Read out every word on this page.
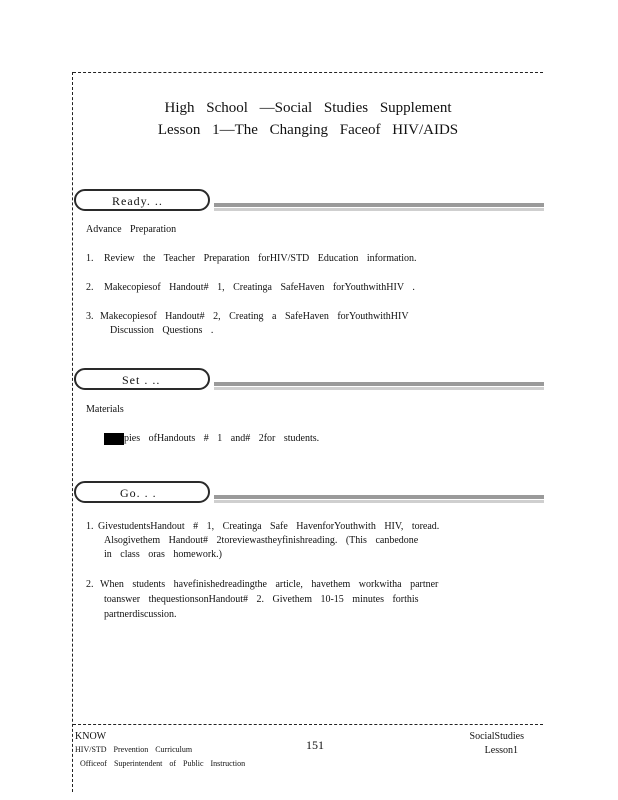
High School —Social Studies Supplement
Lesson 1—The Changing Faceof HIV/AIDS
Ready. ..
Advance Preparation
1. Review the Teacher Preparation forHIV/STD Education information.
2. Makecopiesof Handout# 1, Creatinga SafeHaven forYouthwithHIV .
3. Makecopiesof Handout# 2, Creating a SafeHaven forYouthwithHIV
Discussion Questions .
Set . ..
Materials
pies ofHandouts # 1 and# 2for students.
Go. . .
1. GivestudentsHandout # 1, Creatinga Safe HavenforYouthwith HIV, toread.
Alsogivethem Handout# 2toreviewastheyfinishreading. (This canbedone
in class oras homework.)
2. When students havefinishedreadingthe article, havethem workwitha partner
toanswer thequestionsonHandout# 2. Givethem 10-15 minutes forthis
partnerdiscussion.
KNOW
HIV/STD Prevention Curriculum
Officeof Superintendent of Public Instruction
151
SocialStudies
Lesson1
